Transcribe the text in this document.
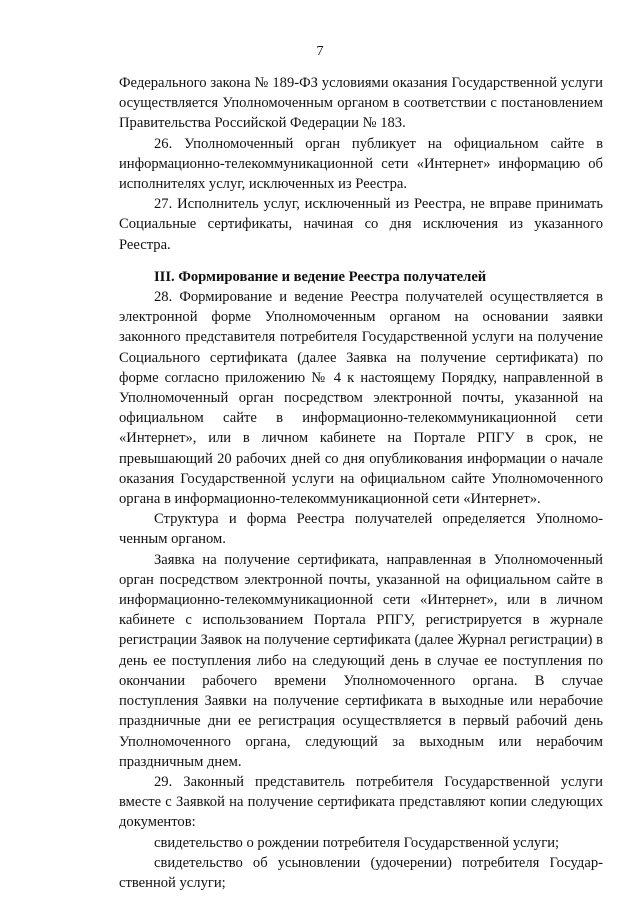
7

Федерального закона № 189-ФЗ условиями оказания Государственной услуги осуществляется Уполномоченным органом в соответствии с постановлением Правительства Российской Федерации № 183.

26. Уполномоченный орган публикует на официальном сайте в информационно-телекоммуникационной сети «Интернет» информацию об исполнителях услуг, исключенных из Реестра.

27. Исполнитель услуг, исключенный из Реестра, не вправе принимать Социальные сертификаты, начиная со дня исключения из указанного Реестра.

III. Формирование и ведение Реестра получателей

28. Формирование и ведение Реестра получателей осуществляется в электронной форме Уполномоченным органом на основании заявки законного представителя потребителя Государственной услуги на получение Социального сертификата (далее Заявка на получение сертификата) по форме согласно приложению № 4 к настоящему Порядку, направленной в Уполномоченный орган посредством электронной почты, указанной на официальном сайте в информационно-телекоммуникационной сети «Интернет», или в личном кабинете на Портале РПГУ в срок, не превышающий 20 рабочих дней со дня опубликования информации о начале оказания Государственной услуги на официальном сайте Уполномоченного органа в информационно-телекоммуникационной сети «Интернет».

Структура и форма Реестра получателей определяется Уполномо-ченным органом.

Заявка на получение сертификата, направленная в Уполномоченный орган посредством электронной почты, указанной на официальном сайте в информационно-телекоммуникационной сети «Интернет», или в личном кабинете с использованием Портала РПГУ, регистрируется в журнале регистрации Заявок на получение сертификата (далее Журнал регистрации) в день ее поступления либо на следующий день в случае ее поступления по окончании рабочего времени Уполномоченного органа. В случае поступления Заявки на получение сертификата в выходные или нерабочие праздничные дни ее регистрация осуществляется в первый рабочий день Уполномоченного органа, следующий за выходным или нерабочим праздничным днем.

29. Законный представитель потребителя Государственной услуги вместе с Заявкой на получение сертификата представляют копии следующих документов:

свидетельство о рождении потребителя Государственной услуги;

свидетельство об усыновлении (удочерении) потребителя Государ-ственной услуги;
